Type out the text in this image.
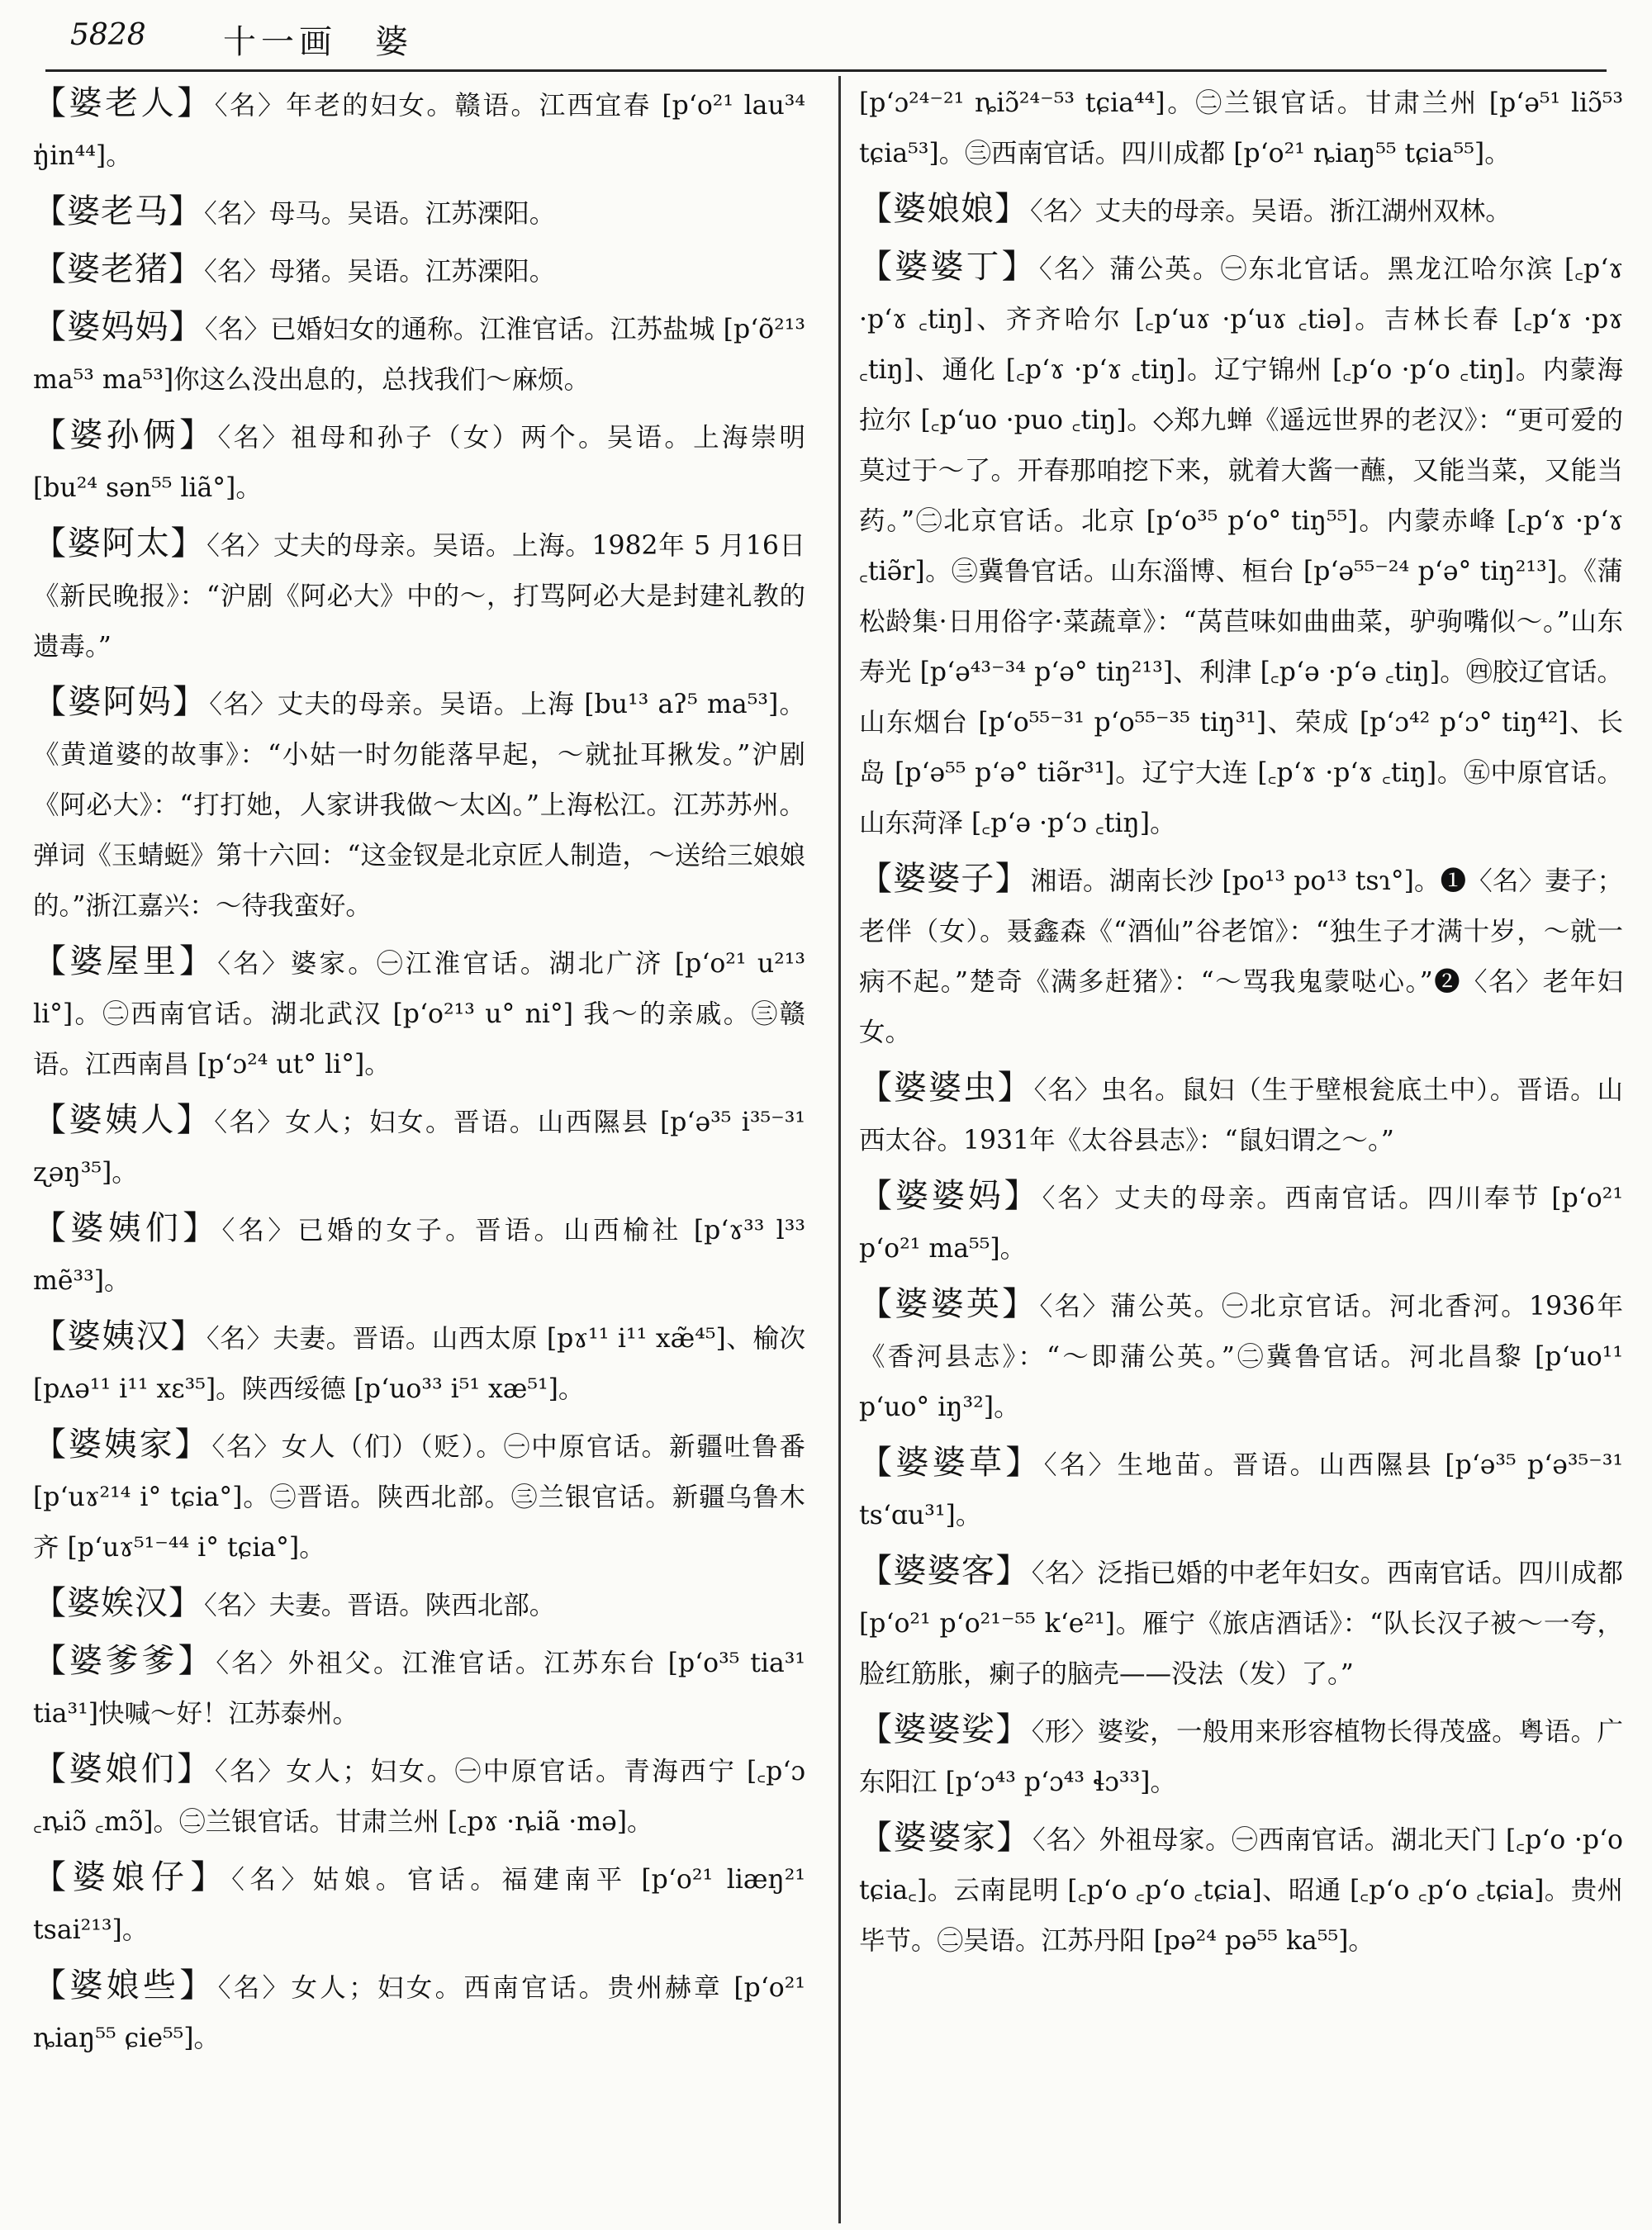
5828 十一画　婆

【婆老人】〈名〉年老的妇女。赣语。江西宜春 [p‘o²¹ lau³⁴ ŋ̍in⁴⁴]。

【婆老马】〈名〉母马。吴语。江苏溧阳。

【婆老猪】〈名〉母猪。吴语。江苏溧阳。

【婆妈妈】〈名〉已婚妇女的通称。江淮官话。江苏盐城 [p‘õ²¹³ ma⁵³ ma⁵³]你这么没出息的，总找我们～麻烦。

【婆孙俩】〈名〉祖母和孙子（女）两个。吴语。上海崇明 [bu²⁴ sən⁵⁵ liã°]。

【婆阿太】〈名〉丈夫的母亲。吴语。上海。1982年 5 月16日《新民晚报》：“沪剧《阿必大》中的～，打骂阿必大是封建礼教的遗毒。”

【婆阿妈】〈名〉丈夫的母亲。吴语。上海 [bu¹³ aʔ⁵ ma⁵³]。《黄道婆的故事》：“小姑一时勿能落早起，～就扯耳揪发。”沪剧《阿必大》：“打打她，人家讲我做～太凶。”上海松江。江苏苏州。弹词《玉蜻蜓》第十六回：“这金钗是北京匠人制造，～送给三娘娘的。”浙江嘉兴：～待我蛮好。

【婆屋里】〈名〉婆家。㊀江淮官话。湖北广济 [p‘o²¹ u²¹³ li°]。㊁西南官话。湖北武汉 [p‘o²¹³ u° ni°] 我～的亲戚。㊂赣语。江西南昌 [p‘ɔ²⁴ ut° li°]。

【婆姨人】〈名〉女人；妇女。晋语。山西隰县 [p‘ə³⁵ i³⁵⁻³¹ ʐəŋ³⁵]。

【婆姨们】〈名〉已婚的女子。晋语。山西榆社 [p‘ɤ³³ l³³ mẽ³³]。

【婆姨汉】〈名〉夫妻。晋语。山西太原 [pɤ¹¹ i¹¹ xæ̃⁴⁵]、榆次 [pʌə¹¹ i¹¹ xɛ³⁵]。陕西绥德 [p‘uo³³ i⁵¹ xæ⁵¹]。

【婆姨家】〈名〉女人（们）（贬）。㊀中原官话。新疆吐鲁番 [p‘uɤ²¹⁴ i° tɕia°]。㊁晋语。陕西北部。㊂兰银官话。新疆乌鲁木齐 [p‘uɤ⁵¹⁻⁴⁴ i° tɕia°]。

【婆娭汉】〈名〉夫妻。晋语。陕西北部。

【婆爹爹】〈名〉外祖父。江淮官话。江苏东台 [p‘o³⁵ tia³¹ tia³¹]快喊～好！江苏泰州。

【婆娘们】〈名〉女人；妇女。㊀中原官话。青海西宁 [꜀p‘ɔ ꜀ȵiɔ̃ ꜀mɔ̃]。㊁兰银官话。甘肃兰州 [꜀pɤ ·ȵiã ·mə]。

【婆娘仔】〈名〉姑娘。官话。福建南平 [p‘o²¹ liæŋ²¹ tsai²¹³]。

【婆娘些】〈名〉女人；妇女。西南官话。贵州赫章 [p‘o²¹ ȵiaŋ⁵⁵ ɕie⁵⁵]。

[p‘ɔ²⁴⁻²¹ ȵiɔ̃²⁴⁻⁵³ tɕia⁴⁴]。㊁兰银官话。甘肃兰州 [p‘ə⁵¹ liɔ̃⁵³ tɕia⁵³]。㊂西南官话。四川成都 [p‘o²¹ ȵiaŋ⁵⁵ tɕia⁵⁵]。

【婆娘娘】〈名〉丈夫的母亲。吴语。浙江湖州双林。

【婆婆丁】〈名〉蒲公英。㊀东北官话。黑龙江哈尔滨 [꜀p‘ɤ ·p‘ɤ ꜀tiŋ]、齐齐哈尔 [꜀p‘uɤ ·p‘uɤ ꜀tiə]。吉林长春 [꜀p‘ɤ ·pɤ ꜀tiŋ]、通化 [꜀p‘ɤ ·p‘ɤ ꜀tiŋ]。辽宁锦州 [꜀p‘o ·p‘o ꜀tiŋ]。内蒙海拉尔 [꜀p‘uo ·puo ꜀tiŋ]。◇郑九蝉《遥远世界的老汉》：“更可爱的莫过于～了。开春那咱挖下来，就着大酱一蘸，又能当菜，又能当药。”㊁北京官话。北京 [p‘o³⁵ p‘o° tiŋ⁵⁵]。内蒙赤峰 [꜀p‘ɤ ·p‘ɤ ꜀tiə̃r]。㊂冀鲁官话。山东淄博、桓台 [p‘ə⁵⁵⁻²⁴ p‘ə° tiŋ²¹³]。《蒲松龄集·日用俗字·菜蔬章》：“莴苣味如曲曲菜，驴驹嘴似～。”山东寿光 [p‘ə⁴³⁻³⁴ p‘ə° tiŋ²¹³]、利津 [꜀p‘ə ·p‘ə ꜀tiŋ]。㊃胶辽官话。山东烟台 [p‘o⁵⁵⁻³¹ p‘o⁵⁵⁻³⁵ tiŋ³¹]、荣成 [p‘ɔ⁴² p‘ɔ° tiŋ⁴²]、长岛 [p‘ə⁵⁵ p‘ə° tiə̃r³¹]。辽宁大连 [꜀p‘ɤ ·p‘ɤ ꜀tiŋ]。㊄中原官话。山东菏泽 [꜀p‘ə ·p‘ɔ ꜀tiŋ]。

【婆婆子】湘语。湖南长沙 [po¹³ po¹³ tsɿ°]。❶〈名〉妻子；老伴（女）。聂鑫森《“酒仙”谷老馆》：“独生子才满十岁，～就一病不起。”楚奇《满多赶猪》：“～骂我鬼蒙哒心。”❷〈名〉老年妇女。

【婆婆虫】〈名〉虫名。鼠妇（生于壁根瓮底土中）。晋语。山西太谷。1931年《太谷县志》：“鼠妇谓之～。”

【婆婆妈】〈名〉丈夫的母亲。西南官话。四川奉节 [p‘o²¹ p‘o²¹ ma⁵⁵]。

【婆婆英】〈名〉蒲公英。㊀北京官话。河北香河。1936年《香河县志》：“～即蒲公英。”㊁冀鲁官话。河北昌黎 [p‘uo¹¹ p‘uo° iŋ³²]。

【婆婆草】〈名〉生地苗。晋语。山西隰县 [p‘ə³⁵ p‘ə³⁵⁻³¹ ts‘ɑu³¹]。

【婆婆客】〈名〉泛指已婚的中老年妇女。西南官话。四川成都 [p‘o²¹ p‘o²¹⁻⁵⁵ k‘e²¹]。雁宁《旅店酒话》：“队长汉子被～一夸，脸红筋胀，瘌子的脑壳——没法（发）了。”

【婆婆娑】〈形〉婆娑，一般用来形容植物长得茂盛。粤语。广东阳江 [p‘ɔ⁴³ p‘ɔ⁴³ ɬɔ³³]。

【婆婆家】〈名〉外祖母家。㊀西南官话。湖北天门 [꜀p‘o ·p‘o tɕia꜀]。云南昆明 [꜀p‘o ꜀p‘o ꜀tɕia]、昭通 [꜀p‘o ꜀p‘o ꜀tɕia]。贵州毕节。㊁吴语。江苏丹阳 [pə²⁴ pə⁵⁵ ka⁵⁵]。
